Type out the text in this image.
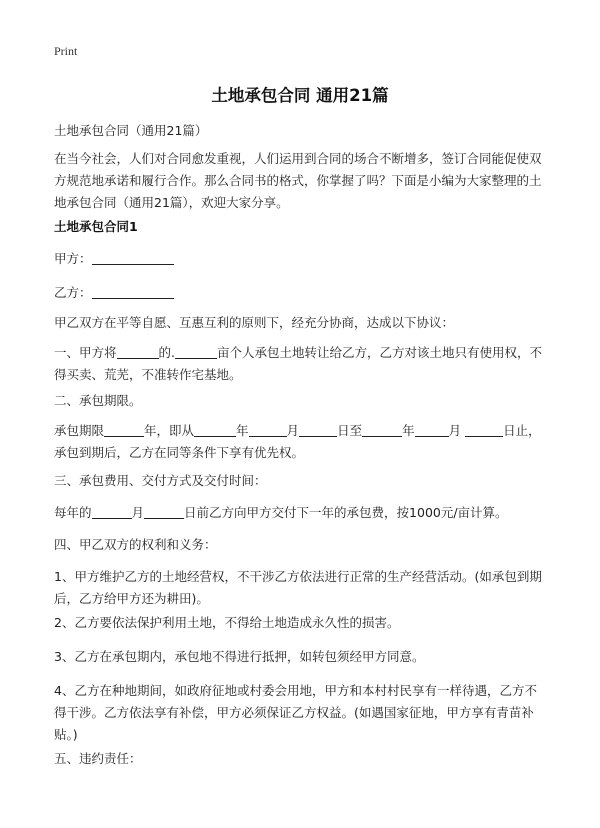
Print
土地承包合同 通用21篇
土地承包合同（通用21篇）
在当今社会，人们对合同愈发重视，人们运用到合同的场合不断增多，签订合同能促使双方规范地承诺和履行合作。那么合同书的格式，你掌握了吗？下面是小编为大家整理的土地承包合同（通用21篇），欢迎大家分享。
土地承包合同1
甲方：
乙方：
甲乙双方在平等自愿、互惠互利的原则下，经充分协商，达成以下协议：
一、甲方将	的.	亩个人承包土地转让给乙方，乙方对该土地只有使用权，不得买卖、荒芜，不准转作宅基地。
二、承包期限。
承包期限	年，即从	年	月	日至	年	月	日止，承包到期后，乙方在同等条件下享有优先权。
三、承包费用、交付方式及交付时间：
每年的	月	日前乙方向甲方交付下一年的承包费，按1000元/亩计算。
四、甲乙双方的权利和义务：
1、甲方维护乙方的土地经营权，不干涉乙方依法进行正常的生产经营活动。(如承包到期后，乙方给甲方还为耕田)。
2、乙方要依法保护利用土地，不得给土地造成永久性的损害。
3、乙方在承包期内，承包地不得进行抵押，如转包须经甲方同意。
4、乙方在种地期间，如政府征地或村委会用地，甲方和本村村民享有一样待遇，乙方不得干涉。乙方依法享有补偿，甲方必须保证乙方权益。(如遇国家征地，甲方享有青苗补贴。)
五、违约责任：
